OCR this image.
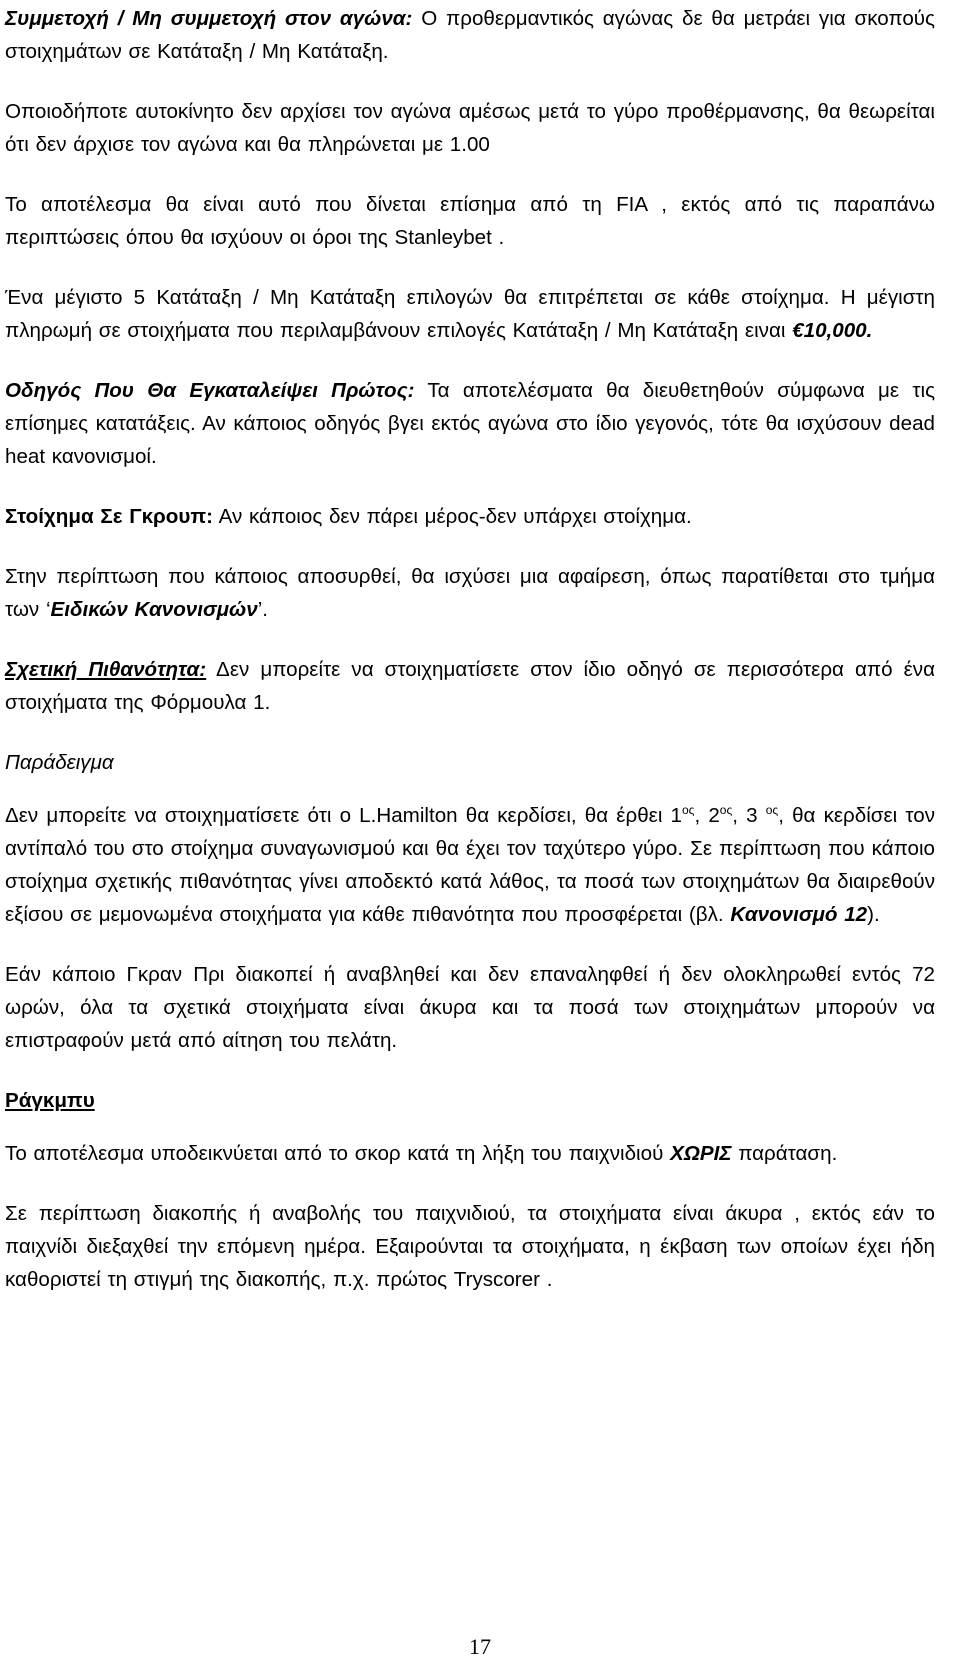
Συμμετοχή / Μη συμμετοχή στον αγώνα: Ο προθερμαντικός αγώνας δε θα μετράει για σκοπούς στοιχημάτων σε Κατάταξη / Μη Κατάταξη.

Οποιοδήποτε αυτοκίνητο δεν αρχίσει τον αγώνα αμέσως μετά το γύρο προθέρμανσης, θα θεωρείται ότι δεν άρχισε τον αγώνα και θα πληρώνεται με 1.00

Το αποτέλεσμα θα είναι αυτό που δίνεται επίσημα από τη FIA , εκτός από τις παραπάνω περιπτώσεις όπου θα ισχύουν οι όροι της Stanleybet .

Ένα μέγιστο 5 Κατάταξη / Μη Κατάταξη επιλογών θα επιτρέπεται σε κάθε στοίχημα. Η μέγιστη πληρωμή σε στοιχήματα που περιλαμβάνουν επιλογές Κατάταξη / Μη Κατάταξη ειναι €10,000.

Οδηγός Που Θα Εγκαταλείψει Πρώτος: Τα αποτελέσματα θα διευθετηθούν σύμφωνα με τις επίσημες κατατάξεις. Αν κάποιος οδηγός βγει εκτός αγώνα στο ίδιο γεγονός, τότε θα ισχύσουν dead heat κανονισμοί.

Στοίχημα Σε Γκρουπ: Αν κάποιος δεν πάρει μέρος-δεν υπάρχει στοίχημα.

Στην περίπτωση που κάποιος αποσυρθεί, θα ισχύσει μια αφαίρεση, όπως παρατίθεται στο τμήμα των ‘Ειδικών Κανονισμών’.

Σχετική Πιθανότητα: Δεν μπορείτε να στοιχηματίσετε στον ίδιο οδηγό σε περισσότερα από ένα στοιχήματα της Φόρμουλα 1.

Παράδειγμα

Δεν μπορείτε να στοιχηματίσετε ότι ο L.Hamilton θα κερδίσει, θα έρθει $1^{o\varsigma}$, $2^{o\varsigma}$, 3 $^{o\varsigma}$, θα κερδίσει τον αντίπαλό του στο στοίχημα συναγωνισμού και θα έχει τον ταχύτερο γύρο. Σε περίπτωση που κάποιο στοίχημα σχετικής πιθανότητας γίνει αποδεκτό κατά λάθος, τα ποσά των στοιχημάτων θα διαιρεθούν εξίσου σε μεμονωμένα στοιχήματα για κάθε πιθανότητα που προσφέρεται (βλ. Κανονισμό 12).

Εάν κάποιο Γκραν Πρι διακοπεί ή αναβληθεί και δεν επαναληφθεί ή δεν ολοκληρωθεί εντός 72 ωρών, όλα τα σχετικά στοιχήματα είναι άκυρα και τα ποσά των στοιχημάτων μπορούν να επιστραφούν μετά από αίτηση του πελάτη.

Ράγκμπυ

Το αποτέλεσμα υποδεικνύεται από το σκορ κατά τη λήξη του παιχνιδιού ΧΩΡΙΣ παράταση.

Σε περίπτωση διακοπής ή αναβολής του παιχνιδιού, τα στοιχήματα είναι άκυρα , εκτός εάν το παιχνίδι διεξαχθεί την επόμενη ημέρα. Εξαιρούνται τα στοιχήματα, η έκβαση των οποίων έχει ήδη καθοριστεί τη στιγμή της διακοπής, π.χ. πρώτος Tryscorer .

17
